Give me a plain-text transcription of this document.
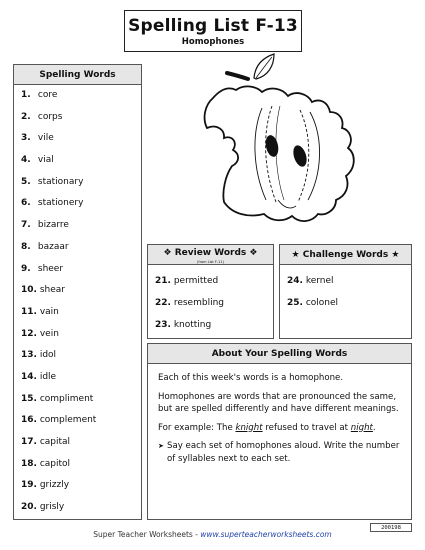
Spelling List F-13
Homophones
Spelling Words
1. core
2. corps
3. vile
4. vial
5. stationary
6. stationery
7. bizarre
8. bazaar
9. sheer
10. shear
11. vain
12. vein
13. idol
14. idle
15. compliment
16. complement
17. capital
18. capitol
19. grizzly
20. grisly
❖ Review Words ❖
(from List F-11)
21. permitted
22. resembling
23. knotting
★ Challenge Words ★
24. kernel
25. colonel
About Your Spelling Words

Each of this week's words is a homophone.

Homophones are words that are pronounced the same, but are spelled differently and have different meanings.

For example: The knight refused to travel at night.

➤ Say each set of homophones aloud. Write the number of syllables next to each set.
200198
Super Teacher Worksheets - www.superteacherworksheets.com
